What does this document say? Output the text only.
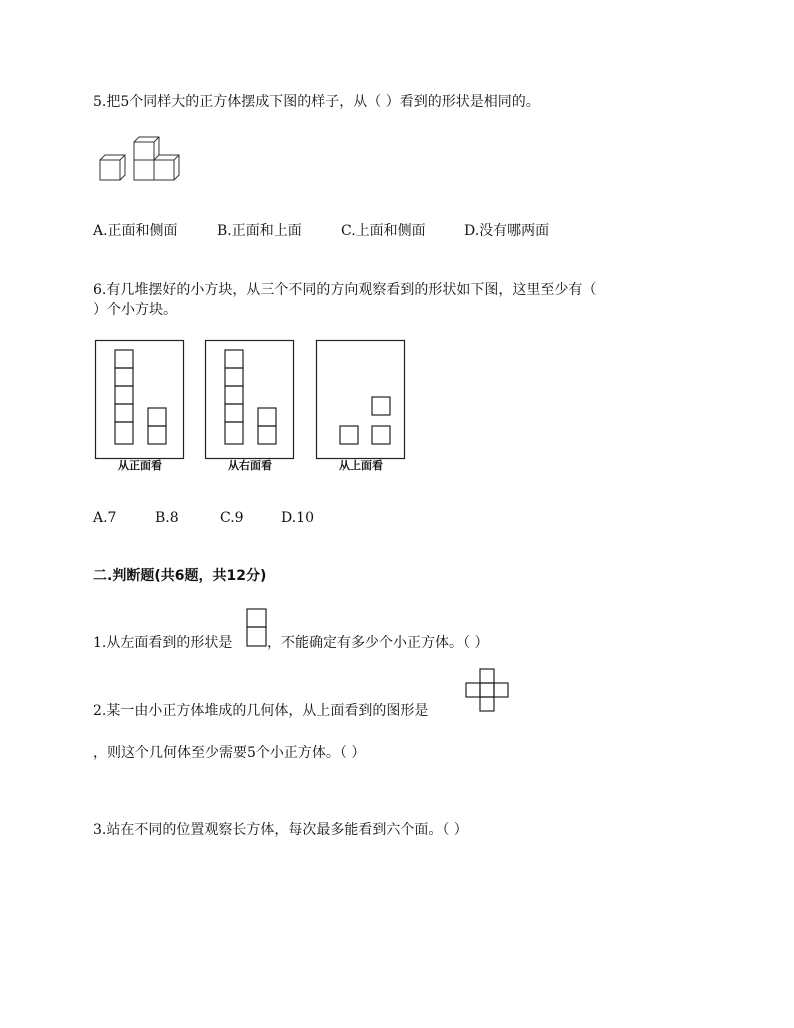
5.把5个同样大的正方体摆成下图的样子，从（ ）看到的形状是相同的。
A.正面和侧面	B.正面和上面	C.上面和侧面	D.没有哪两面
6.有几堆摆好的小方块，从三个不同的方向观察看到的形状如下图，这里至少有（
）个小方块。
从正面看	从右面看	从上面看
A.7	B.8	C.9	D.10
二.判断题(共6题，共12分)
1.从左面看到的形状是 ，不能确定有多少个小正方体。（ ）
2.某一由小正方体堆成的几何体，从上面看到的图形是
，则这个几何体至少需要5个小正方体。（ ）
3.站在不同的位置观察长方体，每次最多能看到六个面。（ ）
